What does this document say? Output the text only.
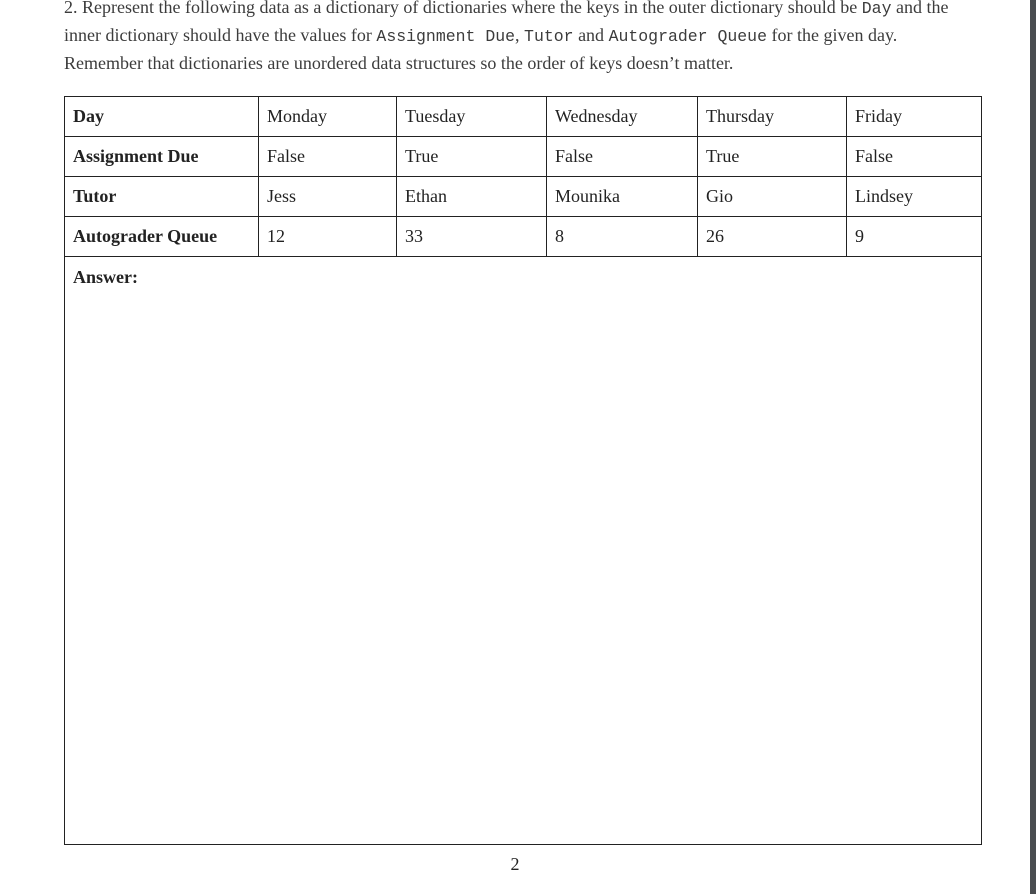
2. Represent the following data as a dictionary of dictionaries where the keys in the outer dictionary should be Day and the inner dictionary should have the values for Assignment Due, Tutor and Autograder Queue for the given day. Remember that dictionaries are unordered data structures so the order of keys doesn’t matter.
Day	Monday	Tuesday	Wednesday	Thursday	Friday
Assignment Due	False	True	False	True	False
Tutor	Jess	Ethan	Mounika	Gio	Lindsey
Autograder Queue	12	33	8	26	9
Answer:					
2
